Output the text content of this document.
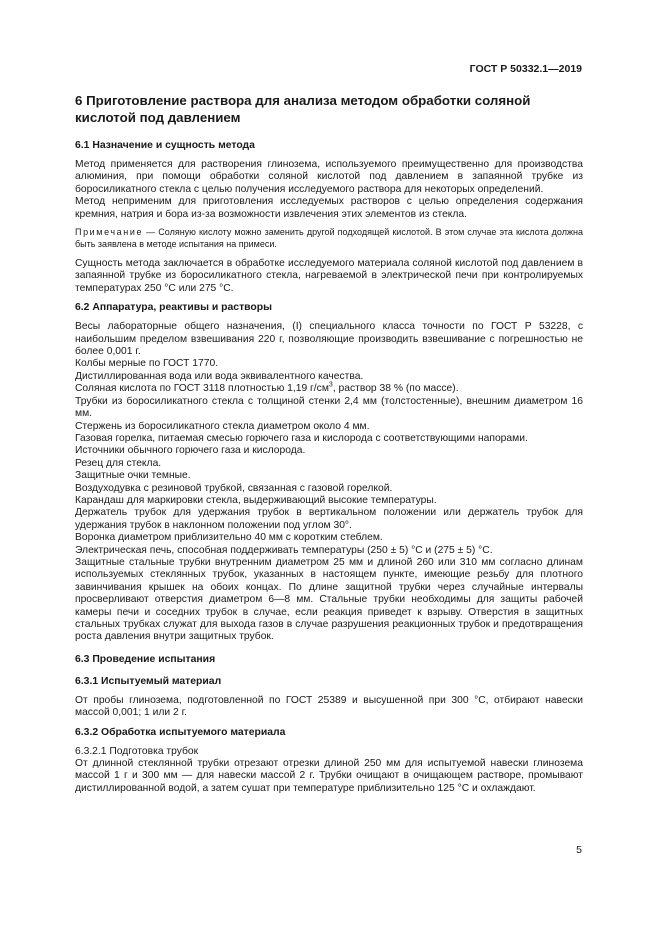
ГОСТ Р 50332.1—2019
6 Приготовление раствора для анализа методом обработки соляной кислотой под давлением
6.1 Назначение и сущность метода

Метод применяется для растворения глинозема, используемого преимущественно для производства алюминия, при помощи обработки соляной кислотой под давлением в запаянной трубке из боросиликатного стекла с целью получения исследуемого раствора для некоторых определений.

Метод неприменим для приготовления исследуемых растворов с целью определения содержания кремния, натрия и бора из-за возможности извлечения этих элементов из стекла.

Примечание — Соляную кислоту можно заменить другой подходящей кислотой. В этом случае эта кислота должна быть заявлена в методе испытания на примеси.

Сущность метода заключается в обработке исследуемого материала соляной кислотой под давлением в запаянной трубке из боросиликатного стекла, нагреваемой в электрической печи при контролируемых температурах 250 °С или 275 °С.

6.2 Аппаратура, реактивы и растворы

Весы лабораторные общего назначения, (I) специального класса точности по ГОСТ Р 53228, с наибольшим пределом взвешивания 220 г, позволяющие производить взвешивание с погрешностью не более 0,001 г.

Колбы мерные по ГОСТ 1770.

Дистиллированная вода или вода эквивалентного качества.

Соляная кислота по ГОСТ 3118 плотностью 1,19 $г/см^3$, раствор 38 % (по массе).

Трубки из боросиликатного стекла с толщиной стенки 2,4 мм (толстостенные), внешним диаметром 16 мм.

Стержень из боросиликатного стекла диаметром около 4 мм.

Газовая горелка, питаемая смесью горючего газа и кислорода с соответствующими напорами.

Источники обычного горючего газа и кислорода.

Резец для стекла.

Защитные очки темные.

Воздуходувка с резиновой трубкой, связанная с газовой горелкой.

Карандаш для маркировки стекла, выдерживающий высокие температуры.

Держатель трубок для удержания трубок в вертикальном положении или держатель трубок для удержания трубок в наклонном положении под углом 30°.

Воронка диаметром приблизительно 40 мм с коротким стеблем.

Электрическая печь, способная поддерживать температуры (250 ± 5) °С и (275 ± 5) °С.

Защитные стальные трубки внутренним диаметром 25 мм и длиной 260 или 310 мм согласно длинам используемых стеклянных трубок, указанных в настоящем пункте, имеющие резьбу для плотного завинчивания крышек на обоих концах. По длине защитной трубки через случайные интервалы просверливают отверстия диаметром 6—8 мм. Стальные трубки необходимы для защиты рабочей камеры печи и соседних трубок в случае, если реакция приведет к взрыву. Отверстия в защитных стальных трубках служат для выхода газов в случае разрушения реакционных трубок и предотвращения роста давления внутри защитных трубок.

6.3 Проведение испытания
6.3.1 Испытуемый материал

От пробы глинозема, подготовленной по ГОСТ 25389 и высушенной при 300 °С, отбирают навески массой 0,001; 1 или 2 г.

6.3.2 Обработка испытуемого материала

6.3.2.1 Подготовка трубок

От длинной стеклянной трубки отрезают отрезки длиной 250 мм для испытуемой навески глинозема массой 1 г и 300 мм — для навески массой 2 г. Трубки очищают в очищающем растворе, промывают дистиллированной водой, а затем сушат при температуре приблизительно 125 °С и охлаждают.

5
